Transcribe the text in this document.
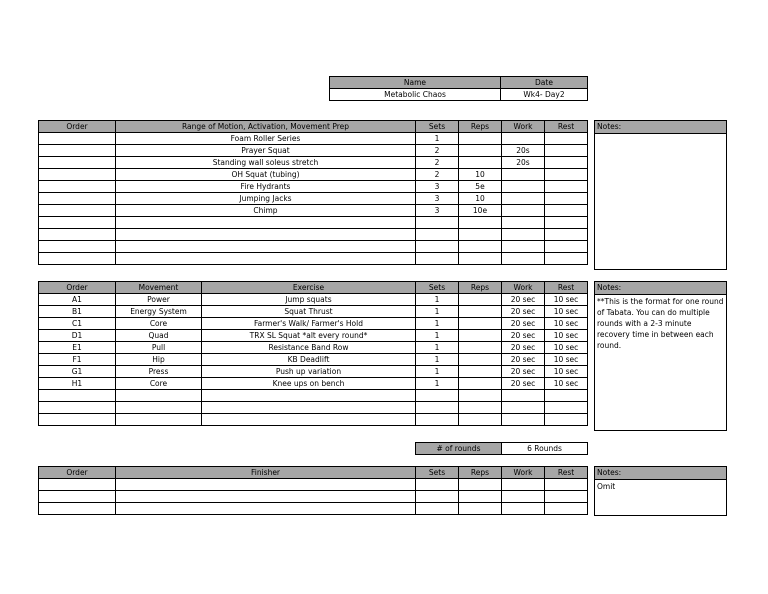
Name	Date
Metabolic Chaos	Wk4- Day2
Order	Range of Motion, Activation, Movement Prep	Sets	Reps	Work	Rest
	Foam Roller Series	1			
	Prayer Squat	2		20s	
	Standing wall soleus stretch	2		20s	
	OH Squat (tubing)	2	10		
	Fire Hydrants	3	5e		
	Jumping Jacks	3	10		
	Chimp	3	10e		

Notes:
Order	Movement	Exercise	Sets	Reps	Work	Rest
A1	Power	Jump squats	1		20 sec	10 sec
B1	Energy System	Squat Thrust	1		20 sec	10 sec
C1	Core	Farmer's Walk/ Farmer's Hold	1		20 sec	10 sec
D1	Quad	TRX SL Squat *alt every round*	1		20 sec	10 sec
E1	Pull	Resistance Band Row	1		20 sec	10 sec
F1	Hip	KB Deadlift	1		20 sec	10 sec
G1	Press	Push up variation	1		20 sec	10 sec
H1	Core	Knee ups on bench	1		20 sec	10 sec

Notes:
**This is the format for one round of Tabata. You can do multiple rounds with a 2-3 minute recovery time in between each round.
# of rounds	6 Rounds
Order	Finisher	Sets	Reps	Work	Rest

						Notes:
Omit
